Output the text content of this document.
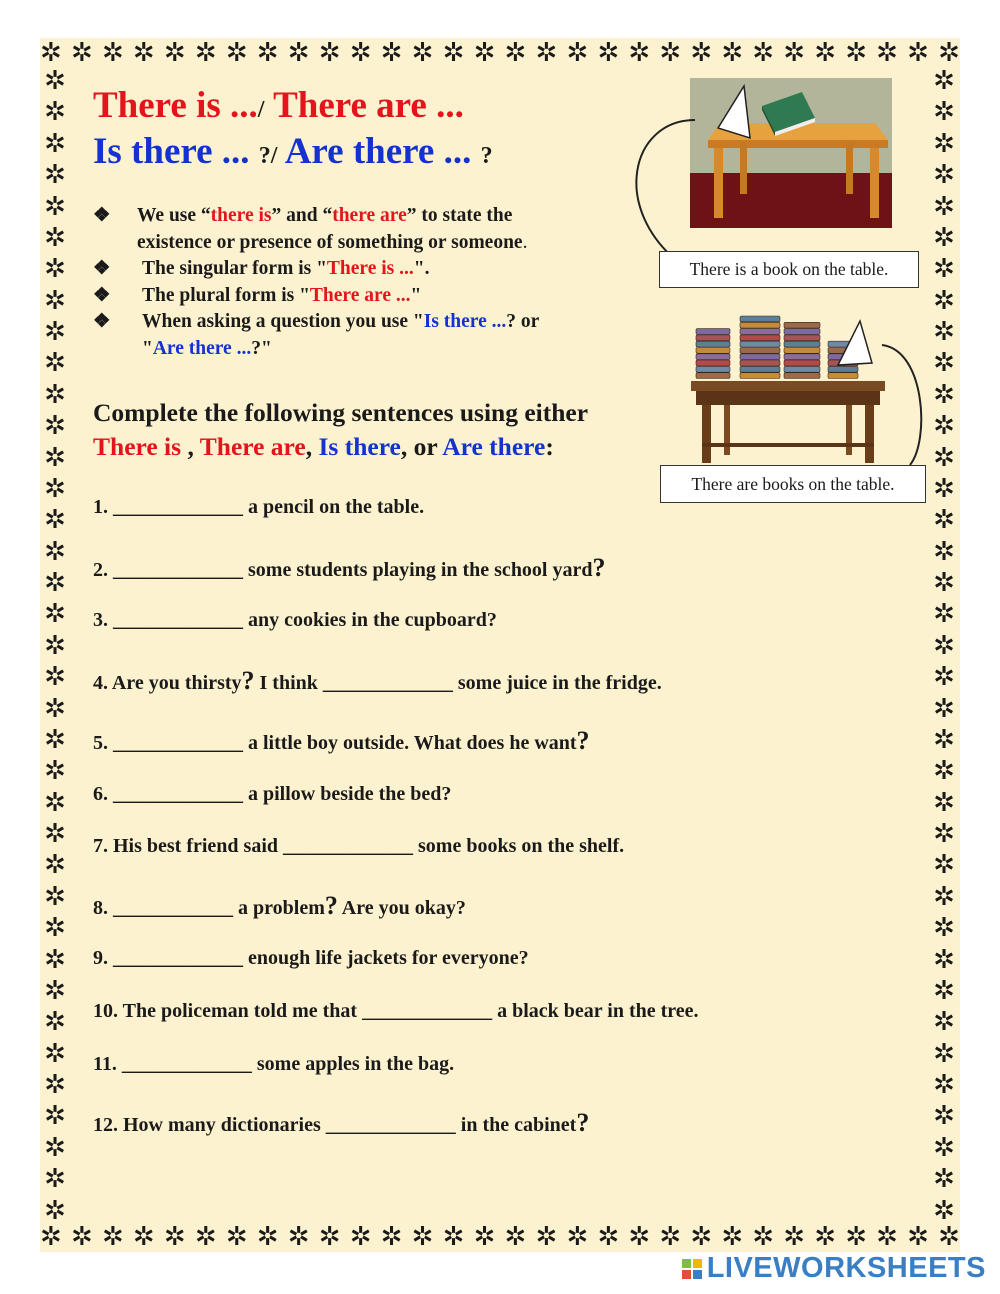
✲ ✲ ✲ ✲ ✲ ✲ ✲ ✲ ✲ ✲ ✲ ✲ ✲ ✲ ✲ ✲ ✲ ✲ ✲ ✲ ✲ ✲ ✲ ✲ ✲ ✲ ✲ ✲ ✲ ✲
✲ ✲ ✲ ✲ ✲ ✲ ✲ ✲ ✲ ✲ ✲ ✲ ✲ ✲ ✲ ✲ ✲ ✲ ✲ ✲ ✲ ✲ ✲ ✲ ✲ ✲ ✲ ✲ ✲ ✲
✲
✲
✲
✲
✲
✲
✲
✲
✲
✲
✲
✲
✲
✲
✲
✲
✲
✲
✲
✲
✲
✲
✲
✲
✲
✲
✲
✲
✲
✲
✲
✲
✲
✲
✲
✲
✲
✲
✲
✲
✲
✲
✲
✲
✲
✲
✲
✲
✲
✲
✲
✲
✲
✲
✲
✲
✲
✲
✲
✲
✲
✲
✲
✲
✲
✲
✲
✲
✲
✲
✲
✲
✲
✲
There is .../ There are ...
Is there ... ?/ Are there ... ?
❖	We use “there is” and “there are” to state the
existence or presence of something or someone.
❖	The singular form is "There is ...".
❖	The plural form is "There are ..."
❖	When asking a question you use "Is there ...? or
"Are there ...?"
Complete the following sentences using either
There is , There are, Is there, or Are there:
There is a book on the table.
There are books on the table.
1. _____________ a pencil on the table.
2. _____________ some students playing in the school yard?
3. _____________ any cookies in the cupboard?
4. Are you thirsty? I think _____________ some juice in the fridge.
5. _____________ a little boy outside. What does he want?
6. _____________ a pillow beside the bed?
7. His best friend said _____________ some books on the shelf.
8. ____________ a problem? Are you okay?
9. _____________ enough life jackets for everyone?
10. The policeman told me that _____________ a black bear in the tree.
11. _____________ some apples in the bag.
12. How many dictionaries _____________ in the cabinet?
LIVEWORKSHEETS
